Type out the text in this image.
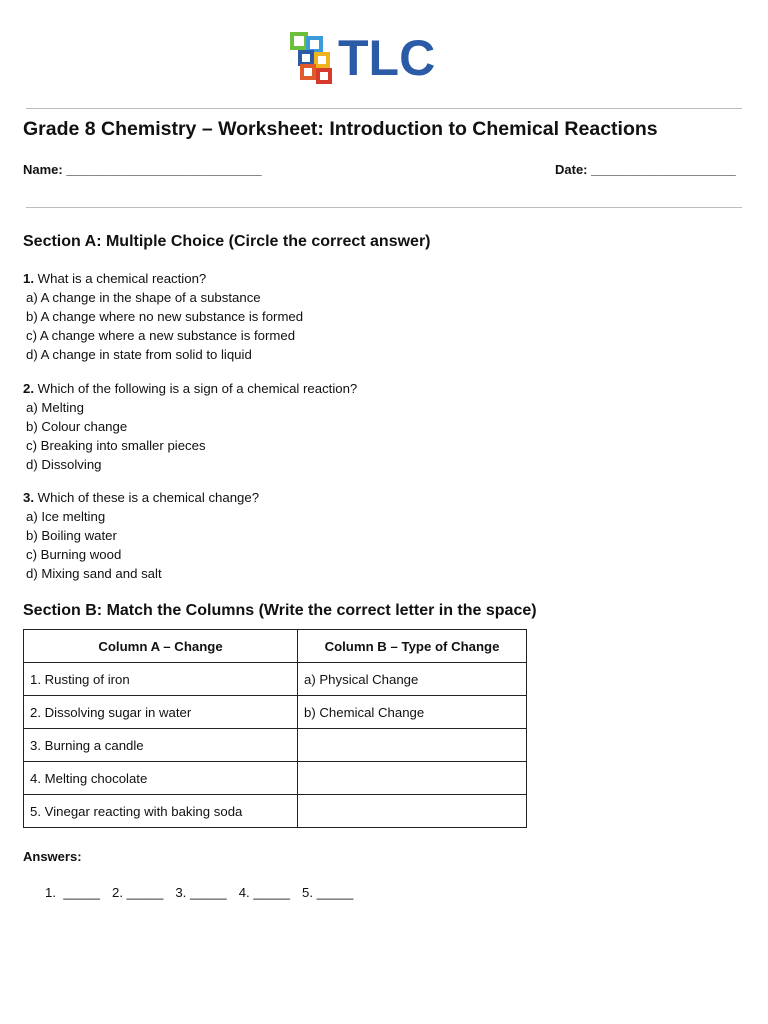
TLC
Grade 8 Chemistry – Worksheet: Introduction to Chemical Reactions
Name: ___________________________	Date: ____________________
Section A: Multiple Choice (Circle the correct answer)
1. What is a chemical reaction?
a) A change in the shape of a substance
b) A change where no new substance is formed
c) A change where a new substance is formed
d) A change in state from solid to liquid
2. Which of the following is a sign of a chemical reaction?
a) Melting
b) Colour change
c) Breaking into smaller pieces
d) Dissolving
3. Which of these is a chemical change?
a) Ice melting
b) Boiling water
c) Burning wood
d) Mixing sand and salt
Section B: Match the Columns (Write the correct letter in the space)
Column A – Change	Column B – Type of Change
1. Rusting of iron	a) Physical Change
2. Dissolving sugar in water	b) Chemical Change
3. Burning a candle	
4. Melting chocolate	
5. Vinegar reacting with baking soda	
Answers:
1.  _____ 2. _____ 3. _____ 4. _____ 5. _____
